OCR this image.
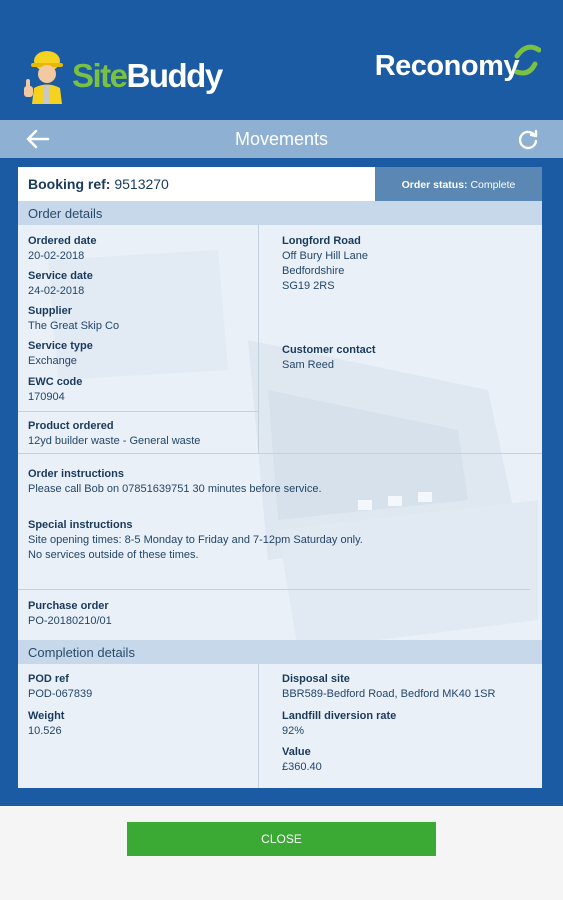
SiteBuddy	Reconomy
Movements
Booking ref: 9513270	Order status: Complete
Order details
Ordered date
20-02-2018
Service date
24-02-2018
Supplier
The Great Skip Co
Service type
Exchange
EWC code
170904
Product ordered
12yd builder waste - General waste
Longford Road
Off Bury Hill Lane
Bedfordshire
SG19 2RS
Customer contact
Sam Reed
Order instructions
Please call Bob on 07851639751 30 minutes before service.
Special instructions
Site opening times: 8-5 Monday to Friday and 7-12pm Saturday only.
No services outside of these times.
Purchase order
PO-20180210/01
Completion details
POD ref
POD-067839
Weight
10.526
Disposal site
BBR589-Bedford Road, Bedford MK40 1SR
Landfill diversion rate
92%
Value
£360.40
CLOSE
